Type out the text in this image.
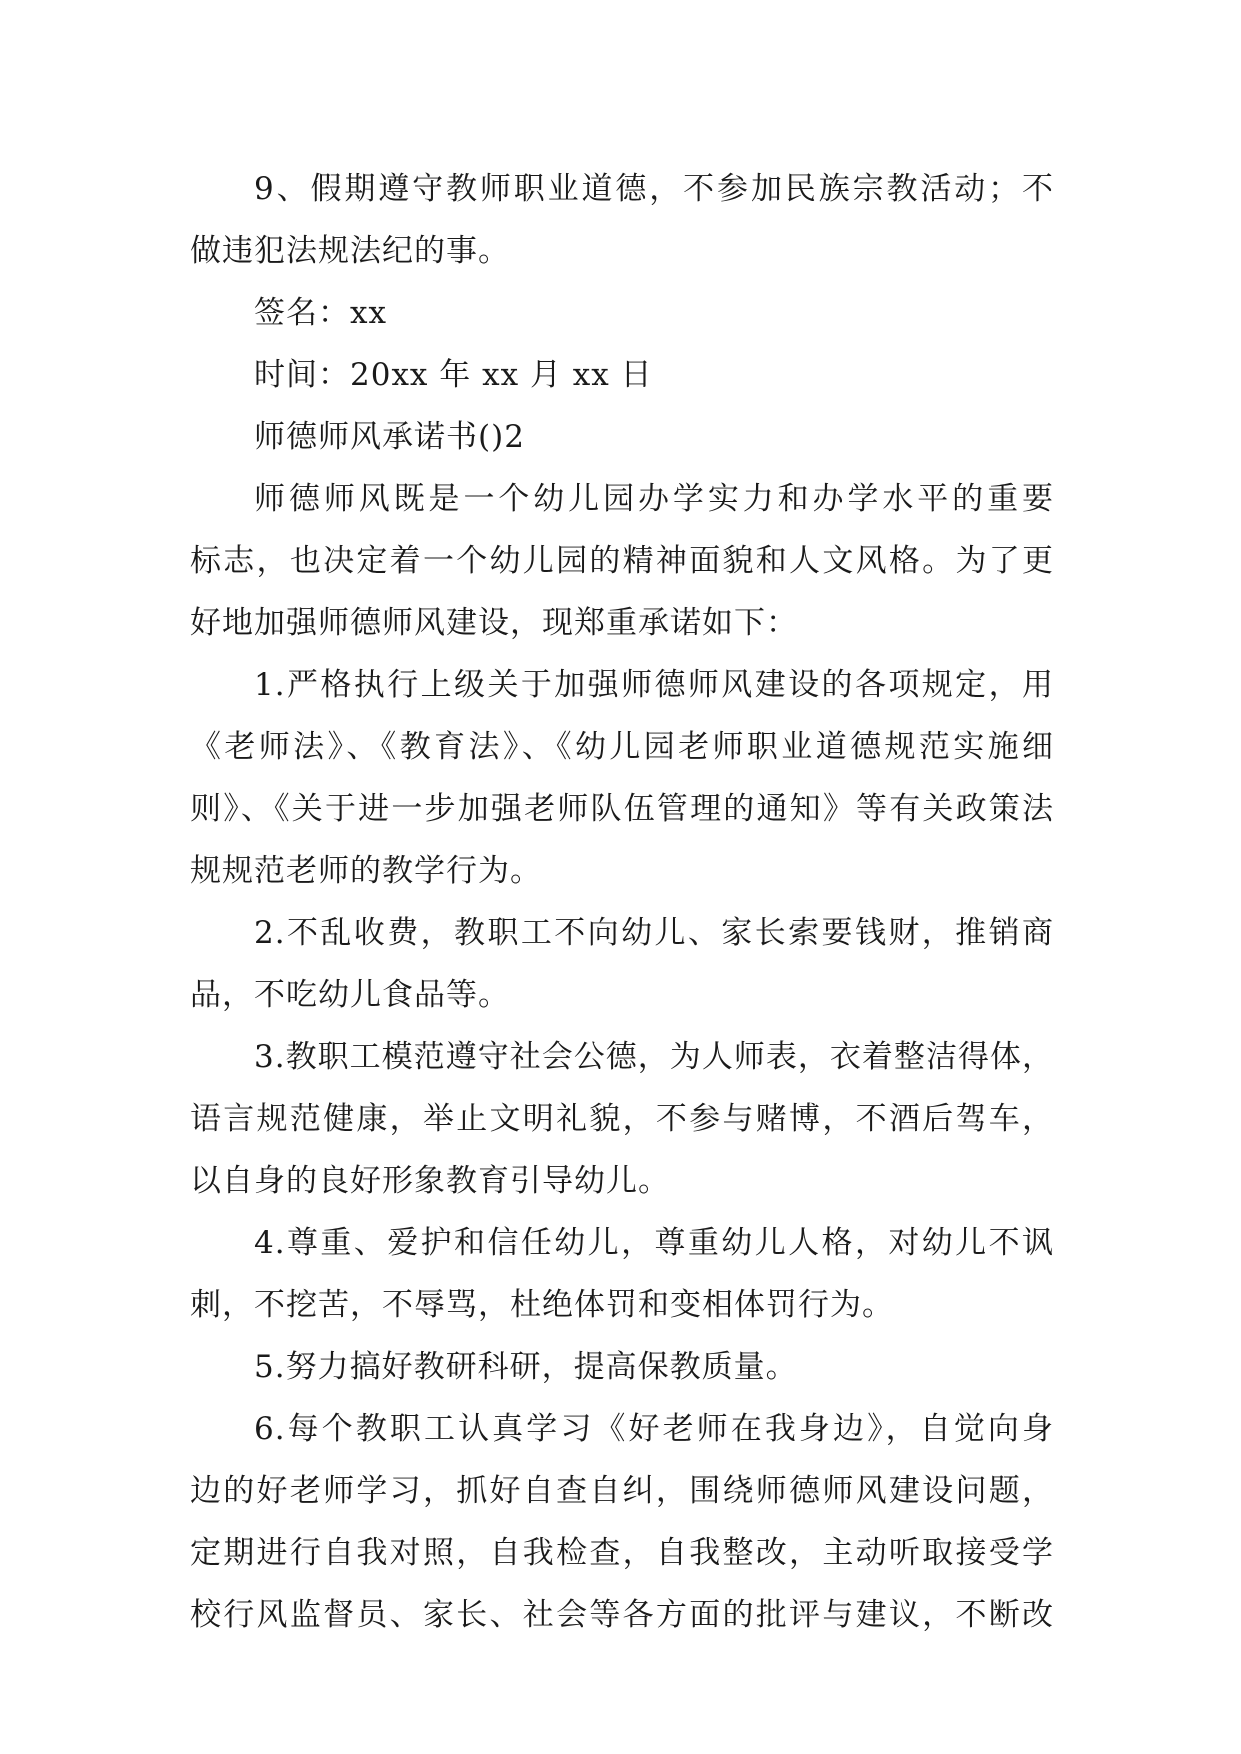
9、假期遵守教师职业道德，不参加民族宗教活动；不
做违犯法规法纪的事。
签名：xx
时间：20xx 年 xx 月 xx 日
师德师风承诺书()2
师德师风既是一个幼儿园办学实力和办学水平的重要
标志，也决定着一个幼儿园的精神面貌和人文风格。为了更
好地加强师德师风建设，现郑重承诺如下：
1.严格执行上级关于加强师德师风建设的各项规定，用
《老师法》、《教育法》、《幼儿园老师职业道德规范实施细
则》、《关于进一步加强老师队伍管理的通知》等有关政策法
规规范老师的教学行为。
2.不乱收费，教职工不向幼儿、家长索要钱财，推销商
品，不吃幼儿食品等。
3.教职工模范遵守社会公德，为人师表，衣着整洁得体，
语言规范健康，举止文明礼貌，不参与赌博，不酒后驾车，
以自身的良好形象教育引导幼儿。
4.尊重、爱护和信任幼儿，尊重幼儿人格，对幼儿不讽
刺，不挖苦，不辱骂，杜绝体罚和变相体罚行为。
5.努力搞好教研科研，提高保教质量。
6.每个教职工认真学习《好老师在我身边》，自觉向身
边的好老师学习，抓好自查自纠，围绕师德师风建设问题，
定期进行自我对照，自我检查，自我整改，主动听取接受学
校行风监督员、家长、社会等各方面的批评与建议，不断改
